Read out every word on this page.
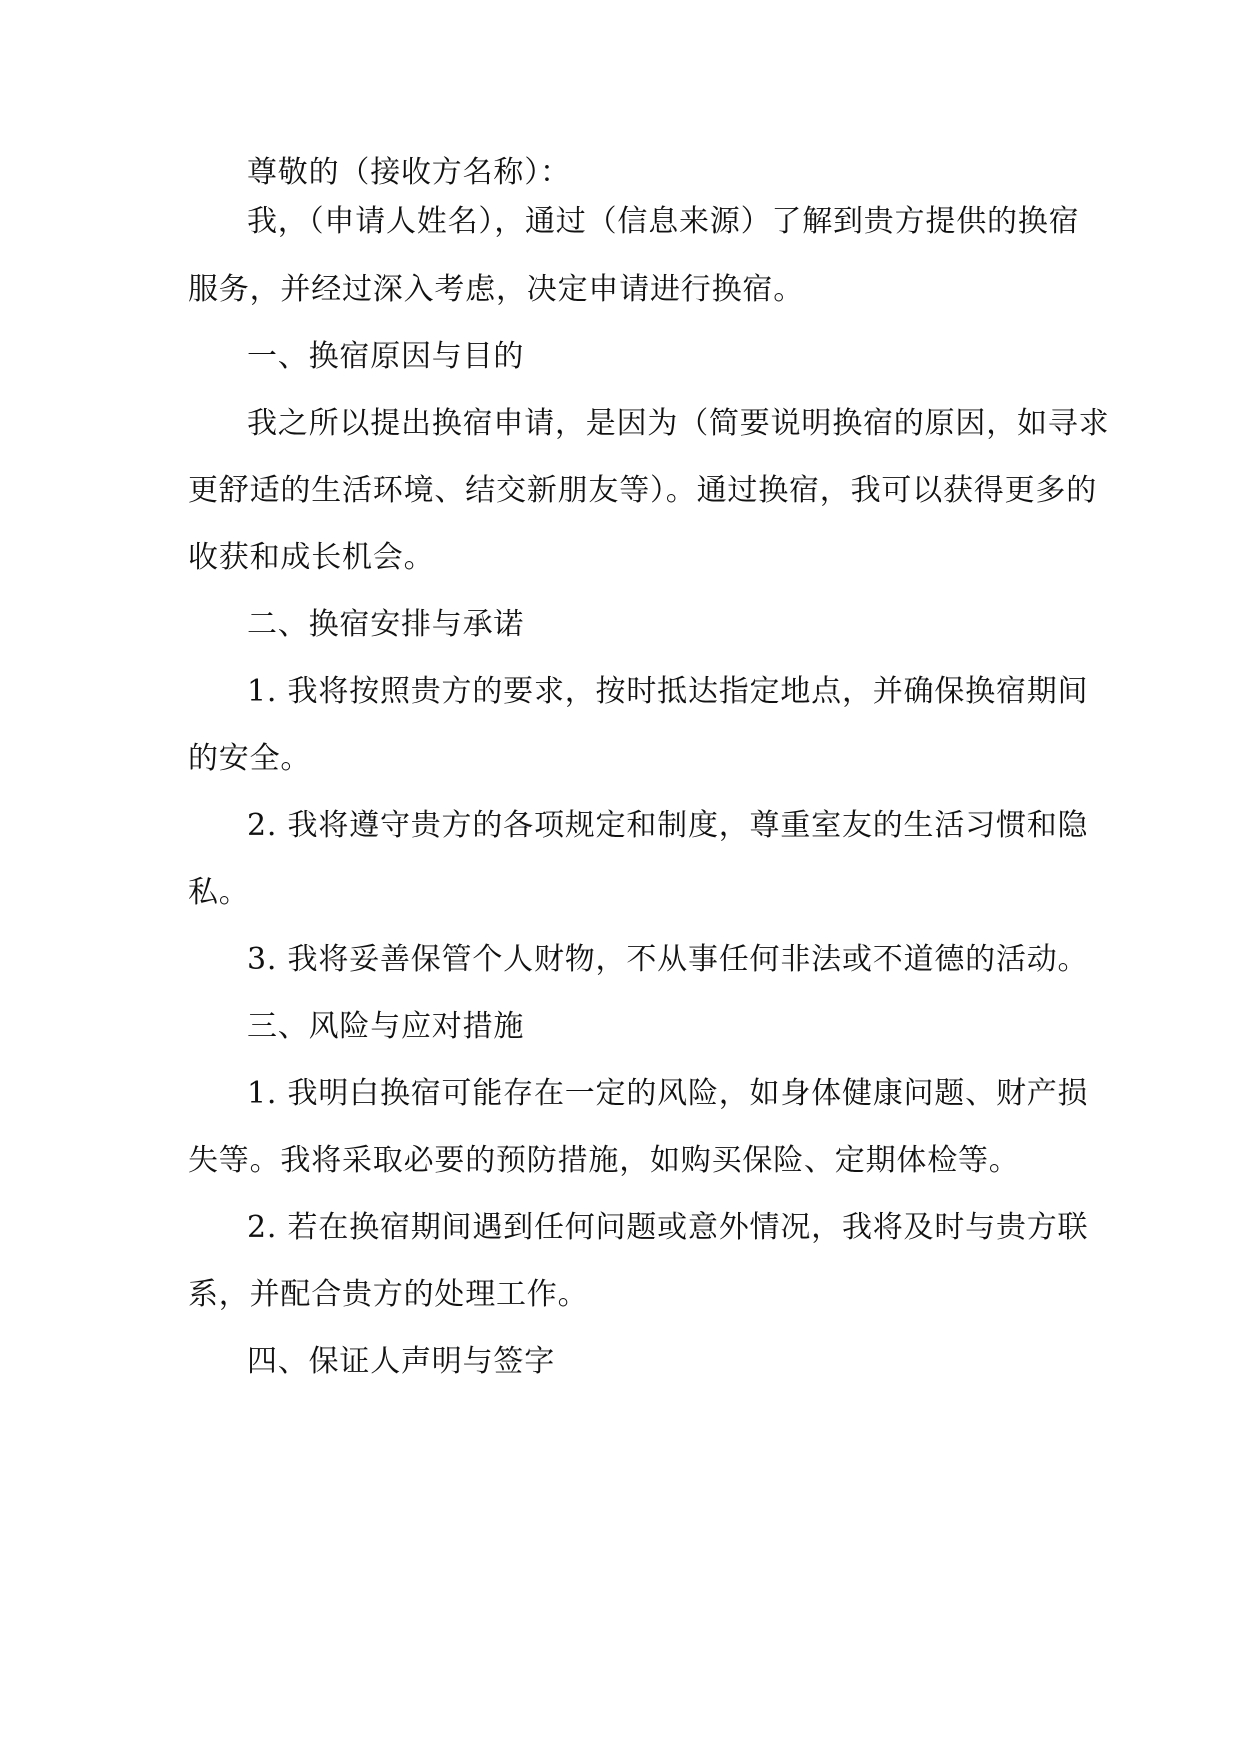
尊敬的（接收方名称）：

我，（申请人姓名），通过（信息来源）了解到贵方提供的换宿

服务，并经过深入考虑，决定申请进行换宿。

一、换宿原因与目的

我之所以提出换宿申请，是因为（简要说明换宿的原因，如寻求

更舒适的生活环境、结交新朋友等）。通过换宿，我可以获得更多的

收获和成长机会。

二、换宿安排与承诺

1. 我将按照贵方的要求，按时抵达指定地点，并确保换宿期间

的安全。

2. 我将遵守贵方的各项规定和制度，尊重室友的生活习惯和隐

私。

3. 我将妥善保管个人财物，不从事任何非法或不道德的活动。

三、风险与应对措施

1. 我明白换宿可能存在一定的风险，如身体健康问题、财产损

失等。我将采取必要的预防措施，如购买保险、定期体检等。

2. 若在换宿期间遇到任何问题或意外情况，我将及时与贵方联

系，并配合贵方的处理工作。

四、保证人声明与签字
